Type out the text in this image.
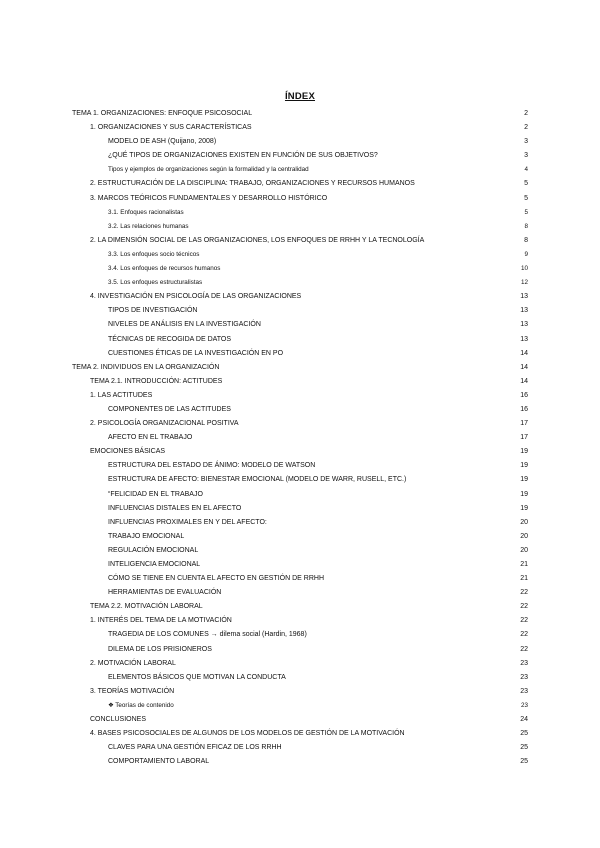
ÍNDEX
TEMA 1. ORGANIZACIONES: ENFOQUE PSICOSOCIAL	2
1. ORGANIZACIONES Y SUS CARACTERÍSTICAS	2
MODELO DE ASH (Quijano, 2008)	3
¿QUÉ TIPOS DE ORGANIZACIONES EXISTEN EN FUNCIÓN DE SUS OBJETIVOS?	3
Tipos y ejemplos de organizaciones según la formalidad y la centralidad	4
2. ESTRUCTURACIÓN DE LA DISCIPLINA: TRABAJO, ORGANIZACIONES Y RECURSOS HUMANOS	5
3. MARCOS TEÓRICOS FUNDAMENTALES Y DESARROLLO HISTÓRICO	5
3.1. Enfoques racionalistas	5
3.2. Las relaciones humanas	8
2. LA DIMENSIÓN SOCIAL DE LAS ORGANIZACIONES, LOS ENFOQUES DE RRHH Y LA TECNOLOGÍA	8
3.3. Los enfoques socio técnicos	9
3.4. Los enfoques de recursos humanos	10
3.5. Los enfoques estructuralistas	12
4. INVESTIGACIÓN EN PSICOLOGÍA DE LAS ORGANIZACIONES	13
TIPOS DE INVESTIGACIÓN	13
NIVELES DE ANÁLISIS EN LA INVESTIGACIÓN	13
TÉCNICAS DE RECOGIDA DE DATOS	13
CUESTIONES ÉTICAS DE LA INVESTIGACIÓN EN PO	14
TEMA 2. INDIVIDUOS EN LA ORGANIZACIÓN	14
TEMA 2.1. INTRODUCCIÓN: ACTITUDES	14
1. LAS ACTITUDES	16
COMPONENTES DE LAS ACTITUDES	16
2. PSICOLOGÍA ORGANIZACIONAL POSITIVA	17
AFECTO EN EL TRABAJO	17
EMOCIONES BÁSICAS	19
ESTRUCTURA DEL ESTADO DE ÁNIMO: MODELO DE WATSON	19
ESTRUCTURA DE AFECTO: BIENESTAR EMOCIONAL (MODELO DE WARR, RUSELL, ETC.)	19
“FELICIDAD EN EL TRABAJO	19
INFLUENCIAS DISTALES EN EL AFECTO	19
INFLUENCIAS PROXIMALES EN Y DEL AFECTO:	20
TRABAJO EMOCIONAL	20
REGULACIÓN EMOCIONAL	20
INTELIGENCIA EMOCIONAL	21
CÓMO SE TIENE EN CUENTA EL AFECTO EN GESTIÓN DE RRHH	21
HERRAMIENTAS DE EVALUACIÓN	22
TEMA 2.2. MOTIVACIÓN LABORAL	22
1. INTERÉS DEL TEMA DE LA MOTIVACIÓN	22
TRAGEDIA DE LOS COMUNES → dilema social (Hardin, 1968)	22
DILEMA DE LOS PRISIONEROS	22
2. MOTIVACIÓN LABORAL	23
ELEMENTOS BÁSICOS QUE MOTIVAN LA CONDUCTA	23
3. TEORÍAS MOTIVACIÓN	23
❖ Teorías de contenido	23
CONCLUSIONES	24
4. BASES PSICOSOCIALES DE ALGUNOS DE LOS MODELOS DE GESTIÓN DE LA MOTIVACIÓN	25
CLAVES PARA UNA GESTIÓN EFICAZ DE LOS RRHH	25
COMPORTAMIENTO LABORAL	25
